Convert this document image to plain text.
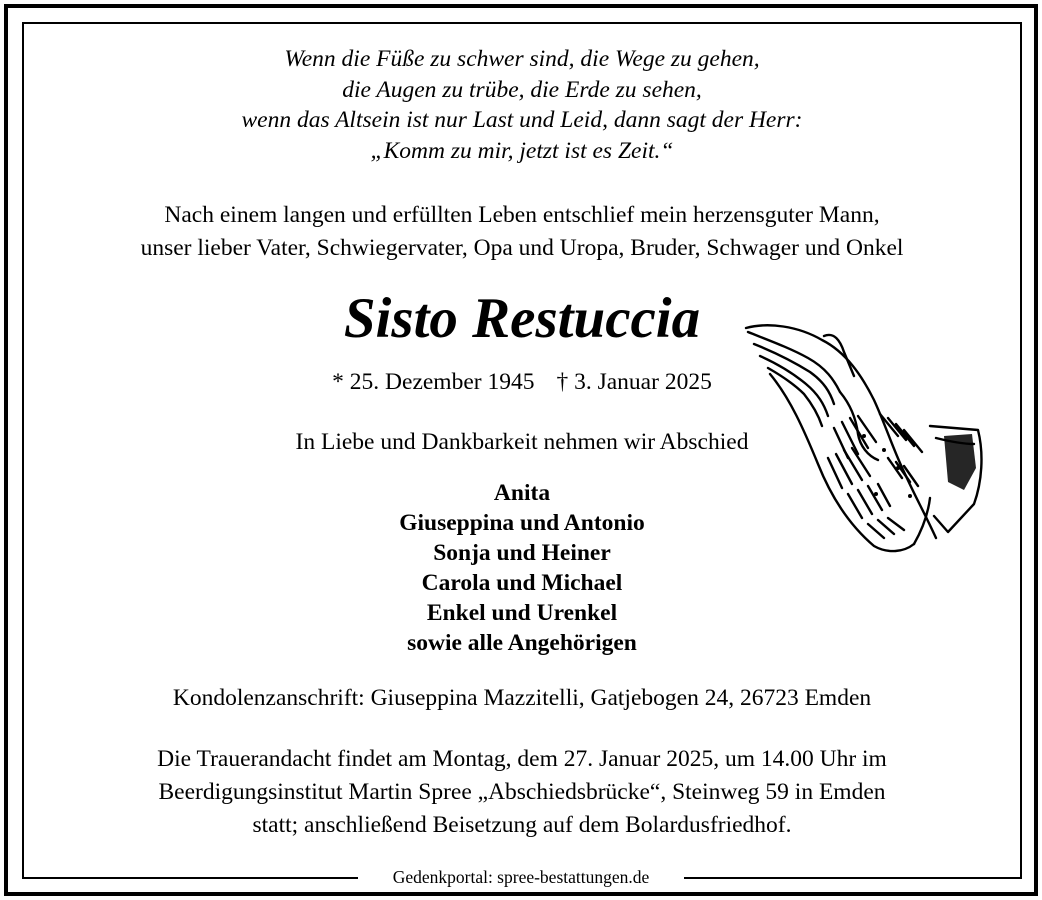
Wenn die Füße zu schwer sind, die Wege zu gehen,
die Augen zu trübe, die Erde zu sehen,
wenn das Altsein ist nur Last und Leid, dann sagt der Herr:
„Komm zu mir, jetzt ist es Zeit.“
Nach einem langen und erfüllten Leben entschlief mein herzensguter Mann,
unser lieber Vater, Schwiegervater, Opa und Uropa, Bruder, Schwager und Onkel
Sisto Restuccia
* 25. Dezember 1945 † 3. Januar 2025
In Liebe und Dankbarkeit nehmen wir Abschied
Anita
Giuseppina und Antonio
Sonja und Heiner
Carola und Michael
Enkel und Urenkel
sowie alle Angehörigen
Kondolenzanschrift: Giuseppina Mazzitelli, Gatjebogen 24, 26723 Emden
Die Trauerandacht findet am Montag, dem 27. Januar 2025, um 14.00 Uhr im
Beerdigungsinstitut Martin Spree „Abschiedsbrücke“, Steinweg 59 in Emden
statt; anschließend Beisetzung auf dem Bolardusfriedhof.
Gedenkportal: spree-bestattungen.de
